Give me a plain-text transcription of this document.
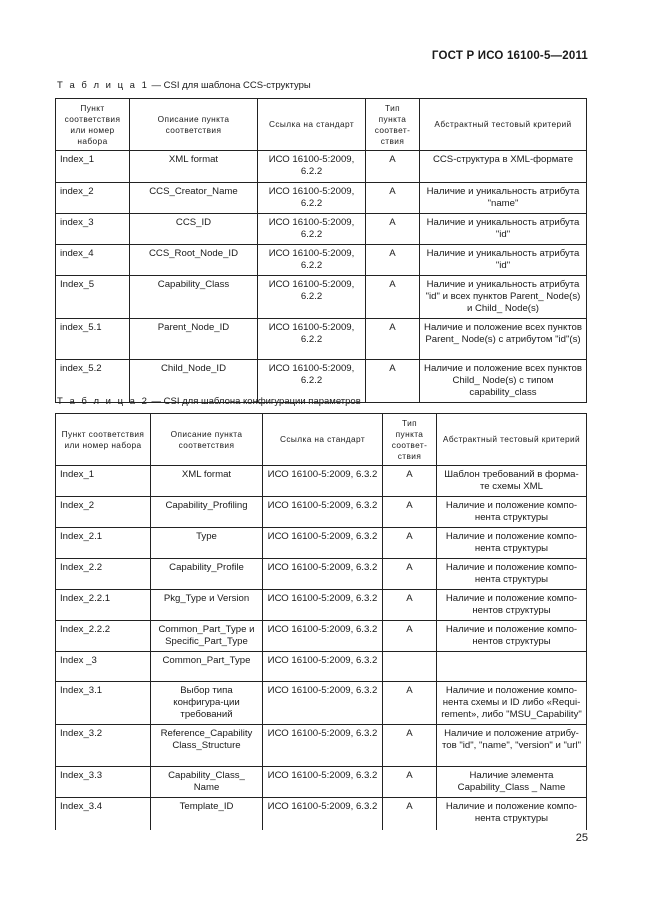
ГОСТ Р ИСО 16100-5—2011
Т а б л и ц а 1 — CSI для шаблона CCS-структуры
Пункт соответствия или номер набора	Описание пункта соответствия	Ссылка на стандарт	Тип пункта соответ-ствия	Абстрактный тестовый критерий
Index_1	XML format	ИСО 16100-5:2009, 6.2.2	A	CCS-структура в XML-формате
index_2	CCS_Creator_Name	ИСО 16100-5:2009, 6.2.2	A	Наличие и уникальность атрибута "name"
index_3	CCS_ID	ИСО 16100-5:2009, 6.2.2	A	Наличие и уникальность атрибута "id"
index_4	CCS_Root_Node_ID	ИСО 16100-5:2009, 6.2.2	A	Наличие и уникальность атрибута "id"
Index_5	Capability_Class	ИСО 16100-5:2009, 6.2.2	A	Наличие и уникальность атрибута "id" и всех пунктов Parent_ Node(s) и Child_ Node(s)
index_5.1	Parent_Node_ID	ИСО 16100-5:2009, 6.2.2	A	Наличие и положение всех пунктов Parent_ Node(s) с атрибутом "id"(s)
index_5.2	Child_Node_ID	ИСО 16100-5:2009, 6.2.2	A	Наличие и положение всех пунктов Child_ Node(s) с типом capability_class
Т а б л и ц а 2 — CSI для шаблона конфигурации параметров
Пункт соответствия или номер набора	Описание пункта соответствия	Ссылка на стандарт	Тип пункта соответ-ствия	Абстрактный тестовый критерий
Index_1	XML format	ИСО 16100-5:2009, 6.3.2	A	Шаблон требований в форма-те схемы XML
Index_2	Capability_Profiling	ИСО 16100-5:2009, 6.3.2	A	Наличие и положение компо-нента структуры
Index_2.1	Type	ИСО 16100-5:2009, 6.3.2	A	Наличие и положение компо-нента структуры
Index_2.2	Capability_Profile	ИСО 16100-5:2009, 6.3.2	A	Наличие и положение компо-нента структуры
Index_2.2.1	Pkg_Type и Version	ИСО 16100-5:2009, 6.3.2	A	Наличие и положение компо-нентов структуры
Index_2.2.2	Common_Part_Type и Specific_Part_Type	ИСО 16100-5:2009, 6.3.2	A	Наличие и положение компо-нентов структуры
Index _3	Common_Part_Type	ИСО 16100-5:2009, 6.3.2		
Index_3.1	Выбор типа конфигура-ции требований	ИСО 16100-5:2009, 6.3.2	A	Наличие и положение компо-нента схемы и ID либо «Requi-rement», либо "MSU_Capability"
Index_3.2	Reference_Capability Class_Structure	ИСО 16100-5:2009, 6.3.2	A	Наличие и положение атрибу-тов "id", "name", "version" и "url"
Index_3.3	Capability_Class_ Name	ИСО 16100-5:2009, 6.3.2	A	Наличие элемента Capability_Class _ Name
Index_3.4	Template_ID	ИСО 16100-5:2009, 6.3.2	A	Наличие и положение компо-нента структуры
25
